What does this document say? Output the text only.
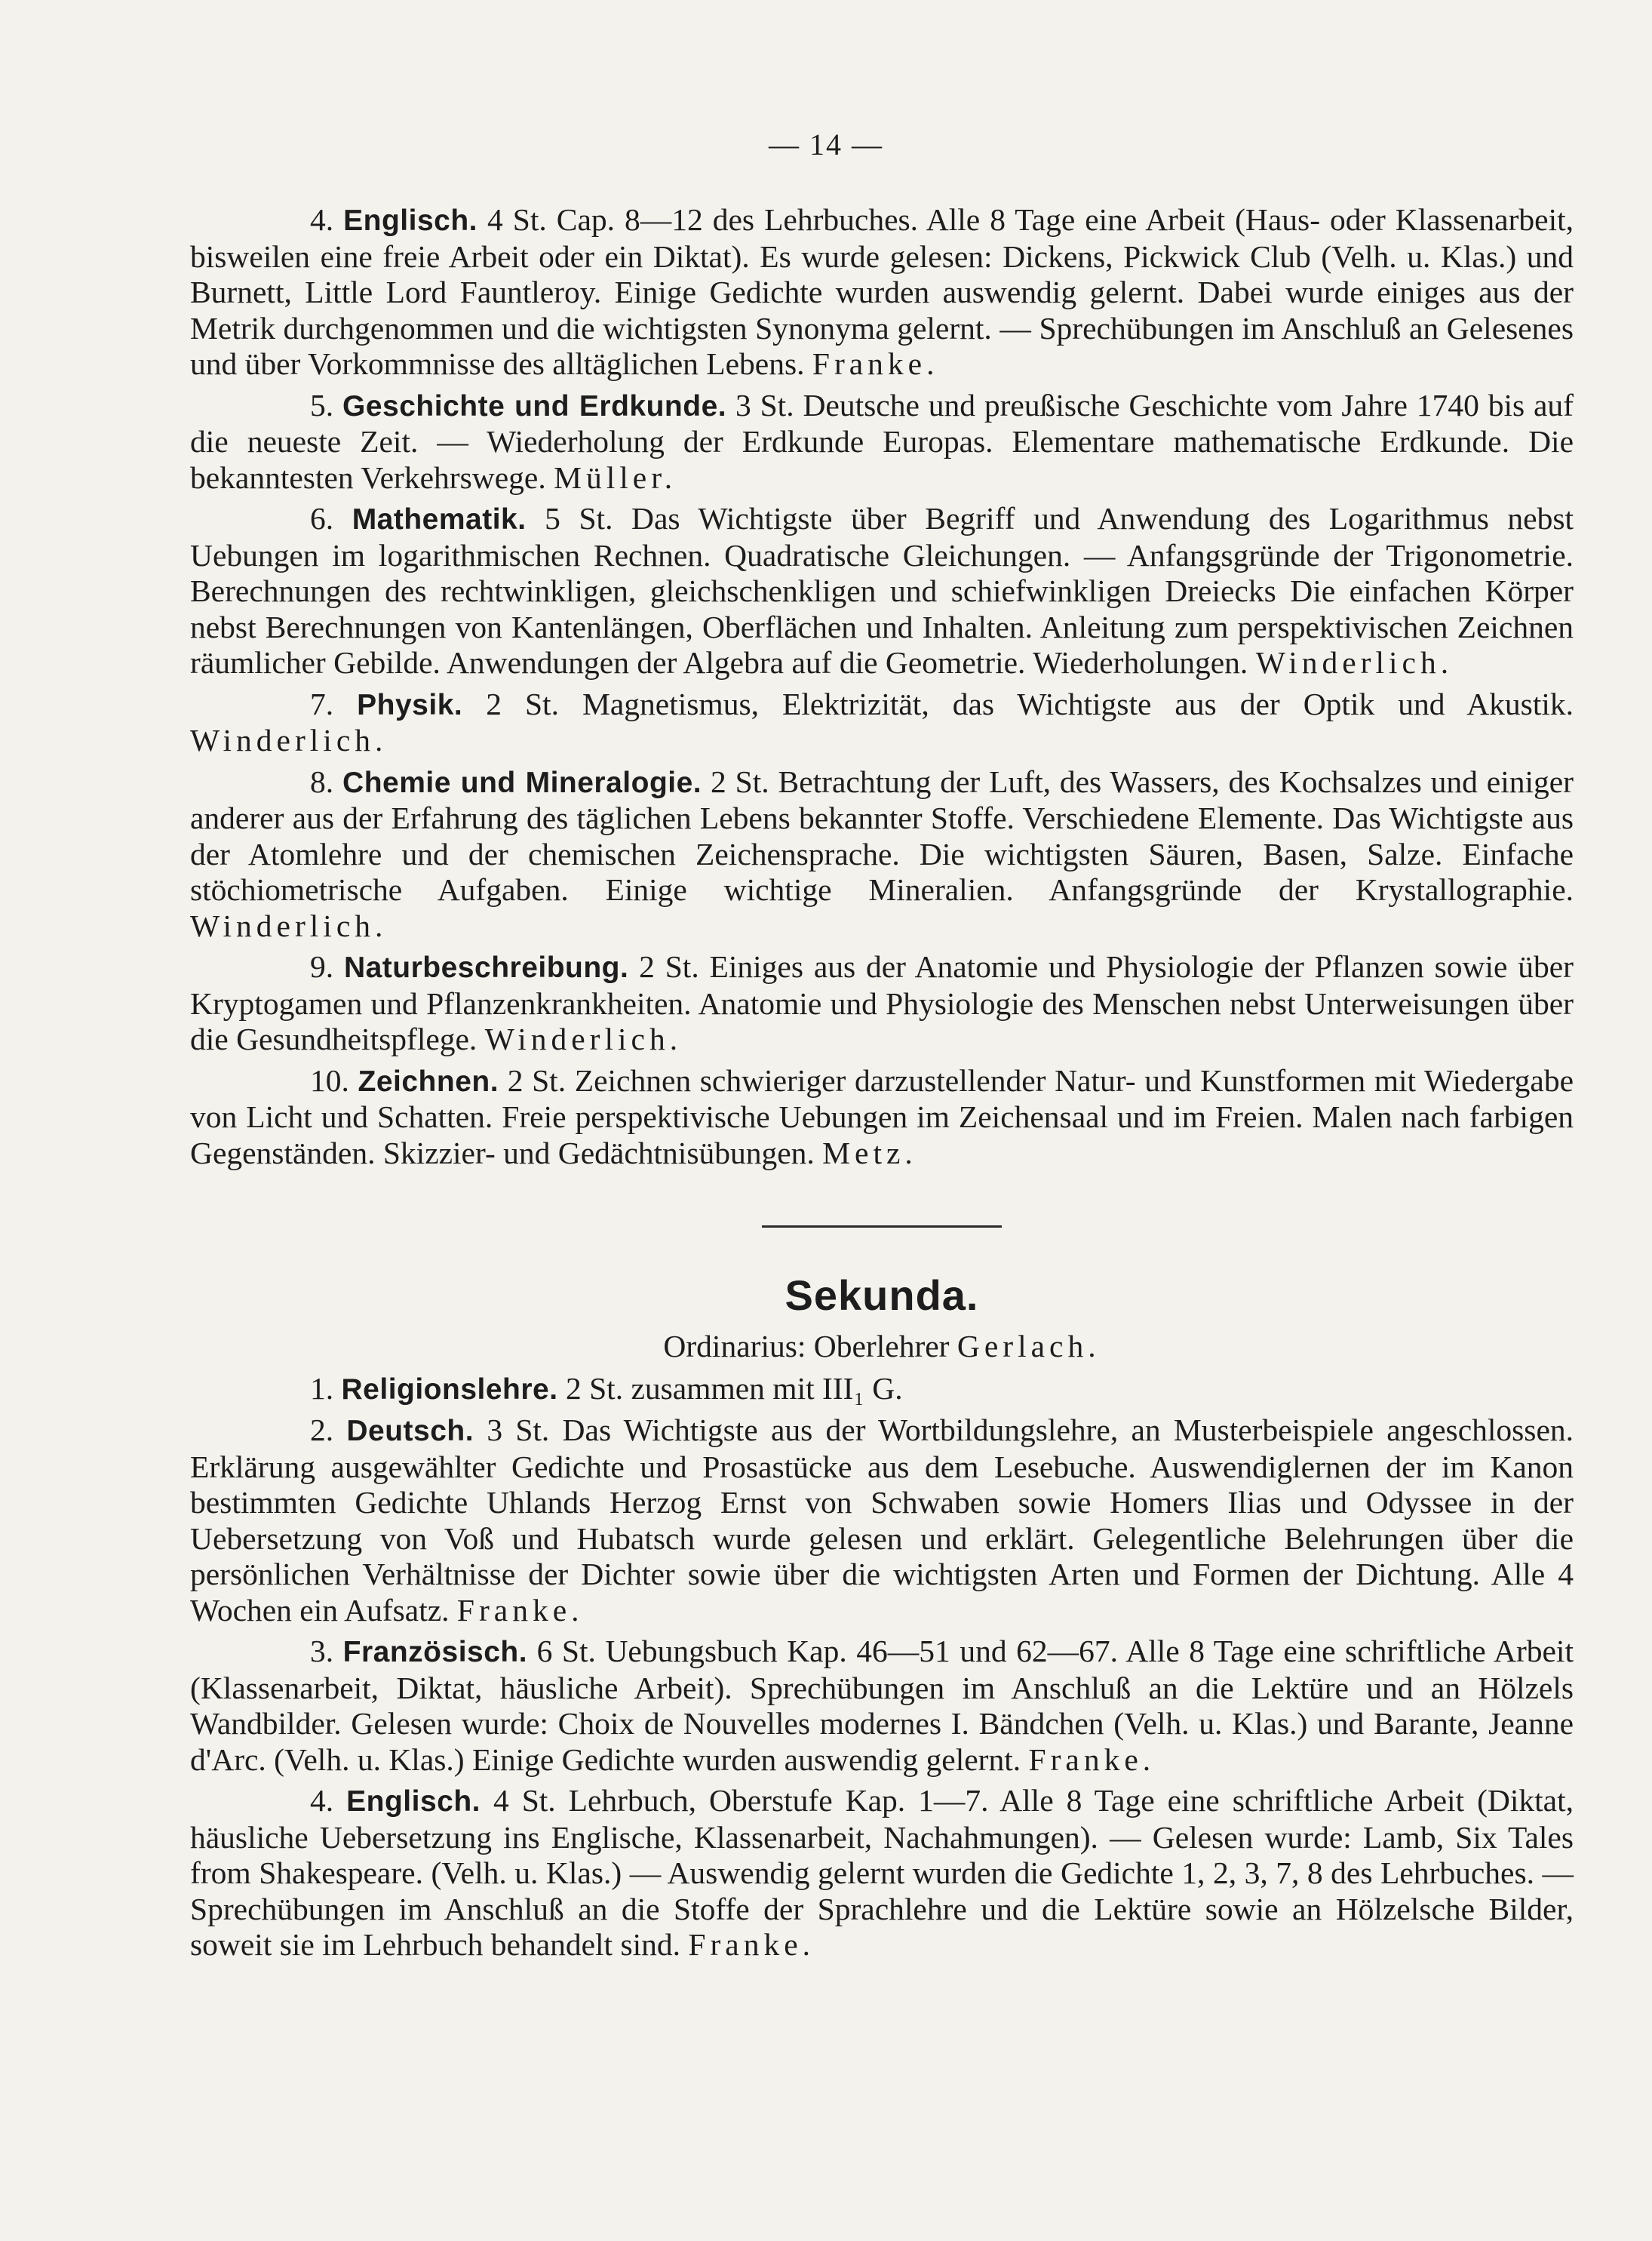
— 14 —

4. Englisch. 4 St. Cap. 8—12 des Lehrbuches. Alle 8 Tage eine Arbeit (Haus- oder Klassenarbeit, bisweilen eine freie Arbeit oder ein Diktat). Es wurde gelesen: Dickens, Pickwick Club (Velh. u. Klas.) und Burnett, Little Lord Fauntleroy. Einige Gedichte wurden auswendig gelernt. Dabei wurde einiges aus der Metrik durchgenommen und die wichtigsten Synonyma gelernt. — Sprechübungen im Anschluß an Gelesenes und über Vorkommnisse des alltäglichen Lebens. Franke.

5. Geschichte und Erdkunde. 3 St. Deutsche und preußische Geschichte vom Jahre 1740 bis auf die neueste Zeit. — Wiederholung der Erdkunde Europas. Elementare mathematische Erdkunde. Die bekanntesten Verkehrswege. Müller.

6. Mathematik. 5 St. Das Wichtigste über Begriff und Anwendung des Logarithmus nebst Uebungen im logarithmischen Rechnen. Quadratische Gleichungen. — Anfangsgründe der Trigonometrie. Berechnungen des rechtwinkligen, gleichschenkligen und schiefwinkligen Dreiecks Die einfachen Körper nebst Berechnungen von Kantenlängen, Oberflächen und Inhalten. Anleitung zum perspektivischen Zeichnen räumlicher Gebilde. Anwendungen der Algebra auf die Geometrie. Wiederholungen. Winderlich.

7. Physik. 2 St. Magnetismus, Elektrizität, das Wichtigste aus der Optik und Akustik. Winderlich.

8. Chemie und Mineralogie. 2 St. Betrachtung der Luft, des Wassers, des Kochsalzes und einiger anderer aus der Erfahrung des täglichen Lebens bekannter Stoffe. Verschiedene Elemente. Das Wichtigste aus der Atomlehre und der chemischen Zeichensprache. Die wichtigsten Säuren, Basen, Salze. Einfache stöchiometrische Aufgaben. Einige wichtige Mineralien. Anfangsgründe der Krystallographie. Winderlich.

9. Naturbeschreibung. 2 St. Einiges aus der Anatomie und Physiologie der Pflanzen sowie über Kryptogamen und Pflanzenkrankheiten. Anatomie und Physiologie des Menschen nebst Unterweisungen über die Gesundheitspflege. Winderlich.

10. Zeichnen. 2 St. Zeichnen schwieriger darzustellender Natur- und Kunstformen mit Wiedergabe von Licht und Schatten. Freie perspektivische Uebungen im Zeichensaal und im Freien. Malen nach farbigen Gegenständen. Skizzier- und Gedächtnisübungen. Metz.

Sekunda.
Ordinarius: Oberlehrer Gerlach.

1. Religionslehre. 2 St. zusammen mit III₁ G.

2. Deutsch. 3 St. Das Wichtigste aus der Wortbildungslehre, an Musterbeispiele angeschlossen. Erklärung ausgewählter Gedichte und Prosastücke aus dem Lesebuche. Auswendiglernen der im Kanon bestimmten Gedichte Uhlands Herzog Ernst von Schwaben sowie Homers Ilias und Odyssee in der Uebersetzung von Voß und Hubatsch wurde gelesen und erklärt. Gelegentliche Belehrungen über die persönlichen Verhältnisse der Dichter sowie über die wichtigsten Arten und Formen der Dichtung. Alle 4 Wochen ein Aufsatz. Franke.

3. Französisch. 6 St. Uebungsbuch Kap. 46—51 und 62—67. Alle 8 Tage eine schriftliche Arbeit (Klassenarbeit, Diktat, häusliche Arbeit). Sprechübungen im Anschluß an die Lektüre und an Hölzels Wandbilder. Gelesen wurde: Choix de Nouvelles modernes I. Bändchen (Velh. u. Klas.) und Barante, Jeanne d'Arc. (Velh. u. Klas.) Einige Gedichte wurden auswendig gelernt. Franke.

4. Englisch. 4 St. Lehrbuch, Oberstufe Kap. 1—7. Alle 8 Tage eine schriftliche Arbeit (Diktat, häusliche Uebersetzung ins Englische, Klassenarbeit, Nachahmungen). — Gelesen wurde: Lamb, Six Tales from Shakespeare. (Velh. u. Klas.) — Auswendig gelernt wurden die Gedichte 1, 2, 3, 7, 8 des Lehrbuches. — Sprechübungen im Anschluß an die Stoffe der Sprachlehre und die Lektüre sowie an Hölzelsche Bilder, soweit sie im Lehrbuch behandelt sind. Franke.
